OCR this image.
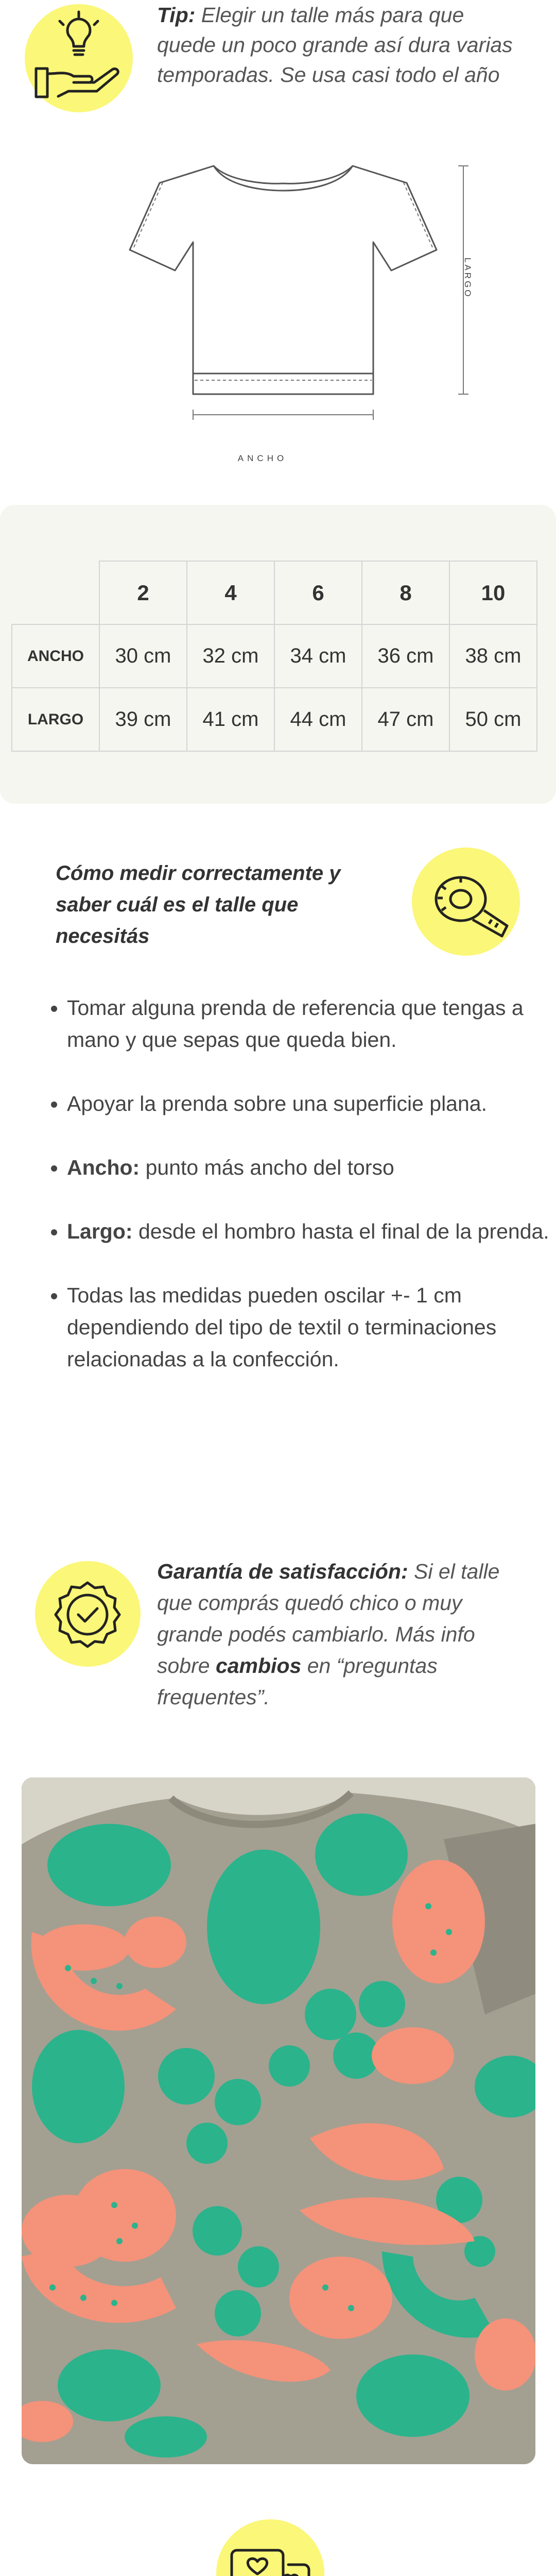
Tip: Elegir un talle más para que quede un poco grande así dura varias temporadas. Se usa casi todo el año
ANCHO
LARGO
	2	4	6	8	10
ANCHO	30 cm	32 cm	34 cm	36 cm	38 cm
LARGO	39 cm	41 cm	44 cm	47 cm	50 cm
Cómo medir correctamente y saber cuál es el talle que necesitás
• Tomar alguna prenda de referencia que tengas a mano y que sepas que queda bien.
• Apoyar la prenda sobre una superficie plana.
• Ancho: punto más ancho del torso
• Largo: desde el hombro hasta el final de la prenda.
• Todas las medidas pueden oscilar +- 1 cm dependiendo del tipo de textil o terminaciones relacionadas a la confección.
Garantía de satisfacción: Si el talle que comprás quedó chico o muy grande podés cambiarlo. Más info sobre cambios en “preguntas frequentes”.
